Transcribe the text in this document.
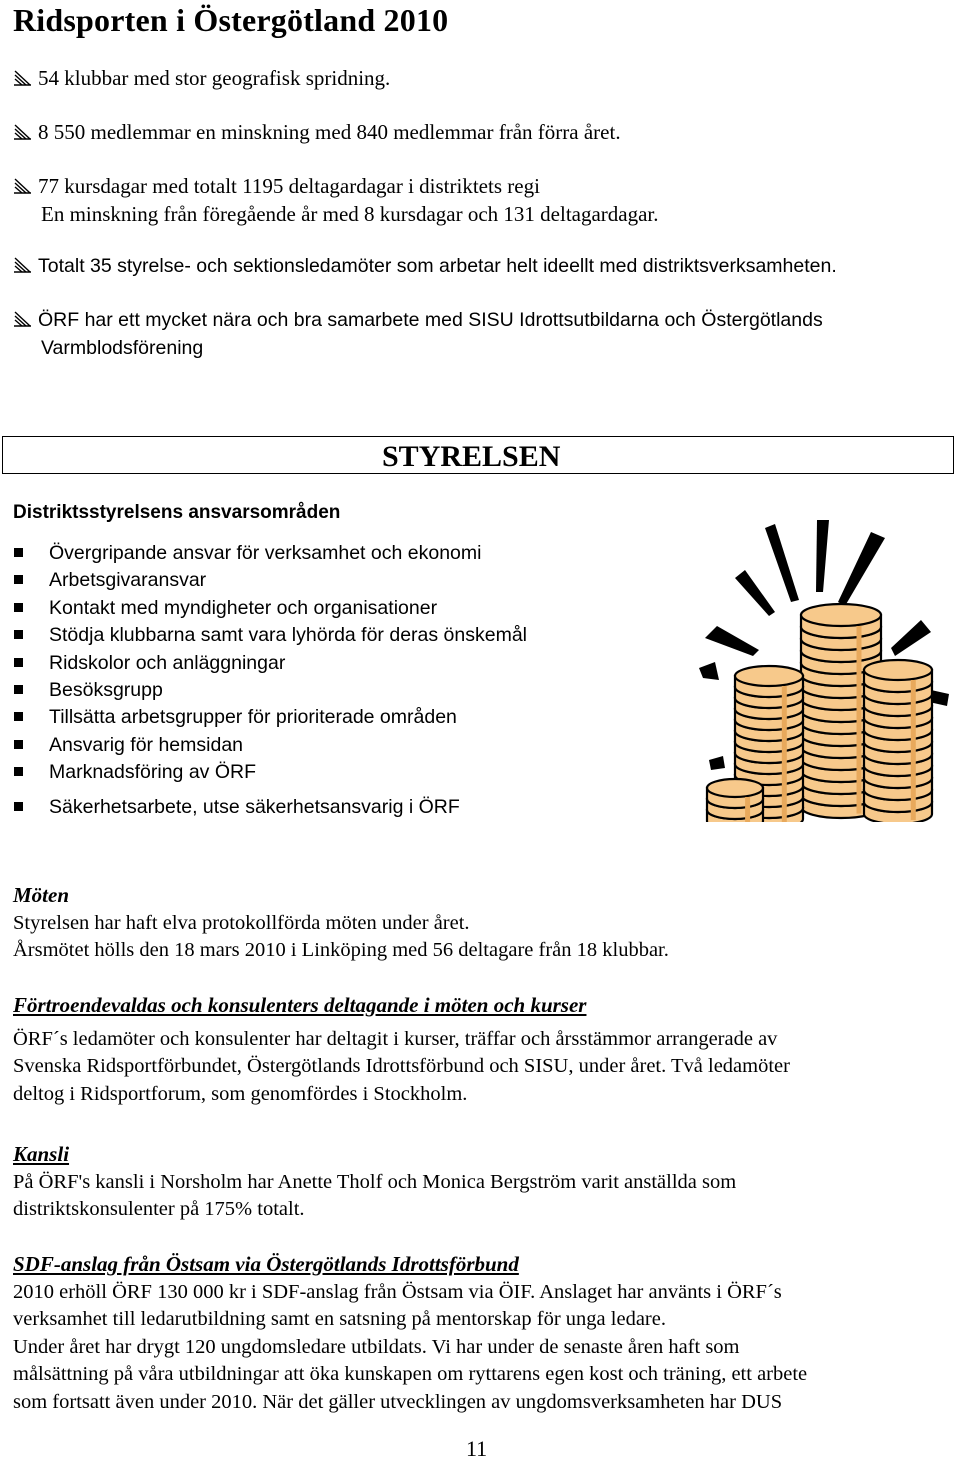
Ridsporten i Östergötland 2010
54 klubbar med stor geografisk spridning.
8 550 medlemmar en minskning med 840 medlemmar från förra året.
77 kursdagar med totalt 1195 deltagardagar i distriktets regi
En minskning från föregående år med 8 kursdagar och 131 deltagardagar.
Totalt 35 styrelse- och sektionsledamöter som arbetar helt ideellt med distriktsverksamheten.
ÖRF har ett mycket nära och bra samarbete med SISU Idrottsutbildarna och Östergötlands
Varmblodsförening
STYRELSEN
Distriktsstyrelsens ansvarsområden
Övergripande ansvar för verksamhet och ekonomi
Arbetsgivaransvar
Kontakt med myndigheter och organisationer
Stödja klubbarna samt vara lyhörda för deras önskemål
Ridskolor och anläggningar
Besöksgrupp
Tillsätta arbetsgrupper för prioriterade områden
Ansvarig för hemsidan
Marknadsföring av ÖRF
Säkerhetsarbete, utse säkerhetsansvarig i ÖRF
Möten
Styrelsen har haft elva protokollförda möten under året.
Årsmötet hölls den 18 mars 2010 i Linköping med 56 deltagare från 18 klubbar.
Förtroendevaldas och konsulenters deltagande i möten och kurser
ÖRF´s ledamöter och konsulenter har deltagit i kurser, träffar och årsstämmor arrangerade av
Svenska Ridsportförbundet, Östergötlands Idrottsförbund och SISU, under året. Två ledamöter
deltog i Ridsportforum, som genomfördes i Stockholm.
Kansli
På ÖRF's kansli i Norsholm har Anette Tholf och Monica Bergström varit anställda som
distriktskonsulenter på 175% totalt.
SDF-anslag från Östsam via Östergötlands Idrottsförbund
2010 erhöll ÖRF 130 000 kr i SDF-anslag från Östsam via ÖIF. Anslaget har använts i ÖRF´s
verksamhet till ledarutbildning samt en satsning på mentorskap för unga ledare.
Under året har drygt 120 ungdomsledare utbildats. Vi har under de senaste åren haft som
målsättning på våra utbildningar att öka kunskapen om ryttarens egen kost och träning, ett arbete
som fortsatt även under 2010. När det gäller utvecklingen av ungdomsverksamheten har DUS
11
